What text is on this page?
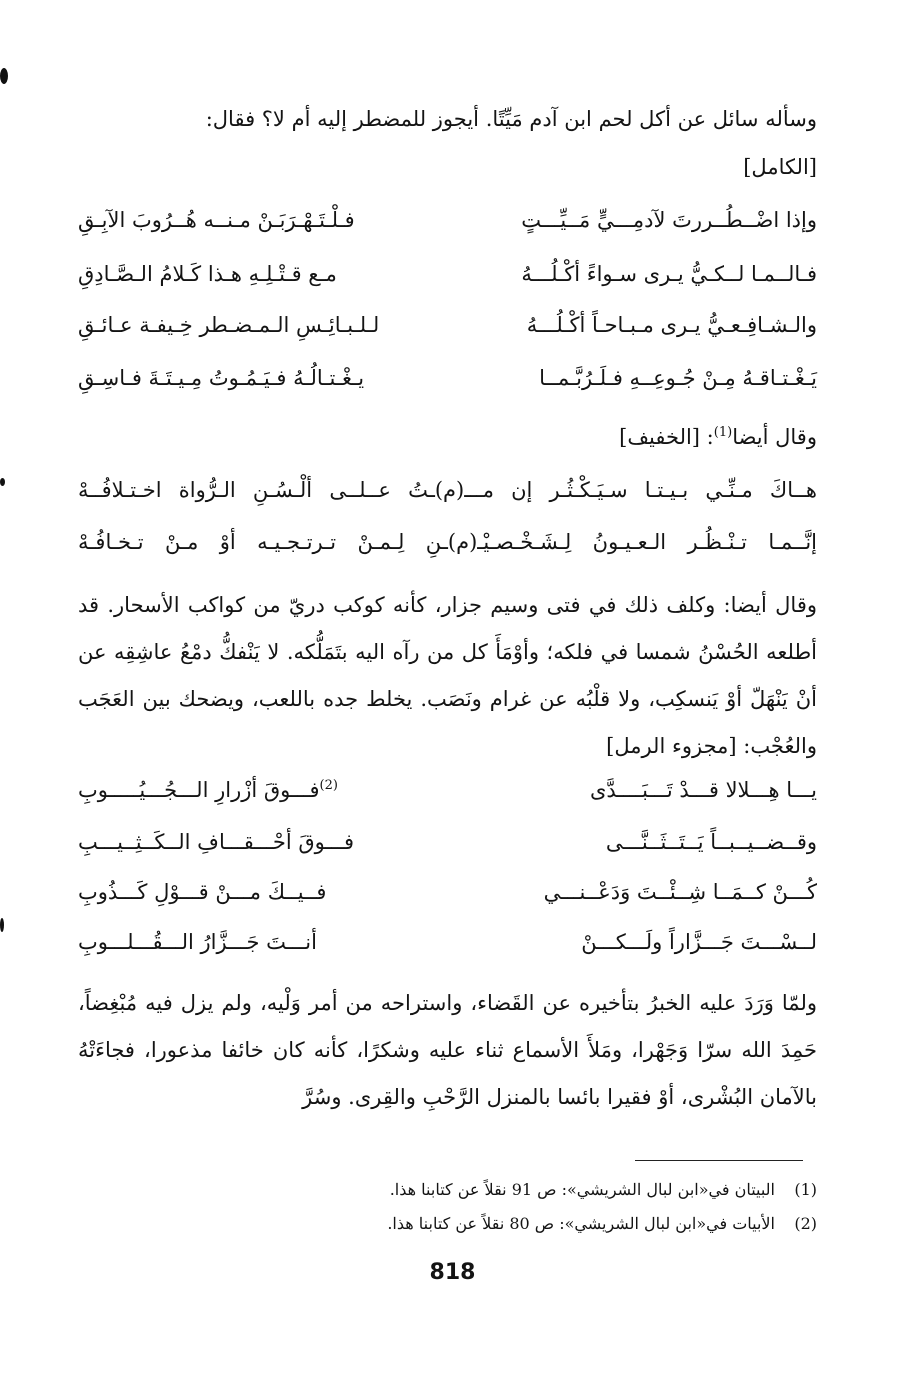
وسأله سائل عن أكل لحم ابن آدم مَيِّتًا. أيجوز للمضطر إليه أم لا؟ فقال:
[الكامل]
وإذا اضْــطُــررتَ لآدمِـــيٍّ مَــيِّـــتٍ
فـلْـتَـهْـرَبَـنْ مـنــه هُــرُوبَ الآبِـقِ
فـالــمـا لــكـيُّ يـرى سـواءً أكْـلُـــهُ
مـع قـتْـلِـهِ هـذا كَـلامُ الـصَّـادِقِ
والـشـافِـعـيُّ يـرى مـبـاحـاً أكْـلُـــهُ
لـلـبـائِـسِ الـمـضـطر خِـيفـة عـائـقِ
يَـغْـتـاقـهُ مِـنْ جُـوعِــهِ فـلَـرُبَّـمــا
يـغْـتـالُـهُ فـيَـمُـوتُ مِـيـتَـةَ فـاسِـقِ
وقال أيضا$^{(1)}$: [الخفيف]
هــاكَ مـنِّـي بـيـتـا سـيَـكْـثُـر إن مـــ(م)ـتُ عــلــى ألْـسُـنِ الـرُّواة اخـتـلافُــهْ
إنَّــمـا تـنْـظُـر الـعـيـونُ لِـشَـخْـصـيْـ(م)ـنِ لِـمـنْ تـرتـجـيـه أوْ مـنْ تـخـافُـهْ

وقال أيضا: وكلف ذلك في فتى وسيم جزار، كأنه كوكب دريّ من كواكب الأسحار. قد أطلعه الحُسْنُ شمسا في فلكه؛ وأوْمَأَ كل من رآه اليه بتَمَلُّكه. لا يَنْفكُّ دمْعُ عاشِقِه عن أنْ يَنْهَلّ أوْ يَنسكِب، ولا قلْبُه عن غرام ونَصَب. يخلط جده باللعب، ويضحك بين العَجَب والعُجْب: [مجزوء الرمل]

يـــا هِـــلالا قـــدْ تَـــبَــــدَّى
$^{(2)}$فـــوقَ أزْرارِ الـــجُـــيُـــــوبِ
وقــضــيــبــاً يَــتَــثَــنَّـــى
فـــوقَ أحْـــقـــافِ الــكَــثِــيـــبِ
كُـــنْ كــمَــا شِــئْــتَ وَدَعْــنـــي
فــيــكَ مـــنْ قـــوْلِ كَـــذُوبِ
لــسْـــتَ جَـــزَّاراً ولَـــكـــنْ
أنـــتَ جَـــزَّارُ الـــقُـــلـــوبِ

ولمّا وَرَدَ عليه الخبرُ بتأخيره عن القَضاء، واستراحه من أمر وَلْيه، ولم يزل فيه مُبْغِضاً، حَمِدَ الله سرّا وَجَهْرا، ومَلأَ الأسماع ثناء عليه وشكرًا، كأنه كان خائفا مذعورا، فجاءَتْهُ بالآمان البُشْرى، أوْ فقيرا بائسا بالمنزل الرَّحْبِ والقِرى. وسُرَّ

(1)البيتان في«ابن لبال الشريشي»: ص 91 نقلاً عن كتابنا هذا.
(2)الأبيات في«ابن لبال الشريشي»: ص 80 نقلاً عن كتابنا هذا.
818
